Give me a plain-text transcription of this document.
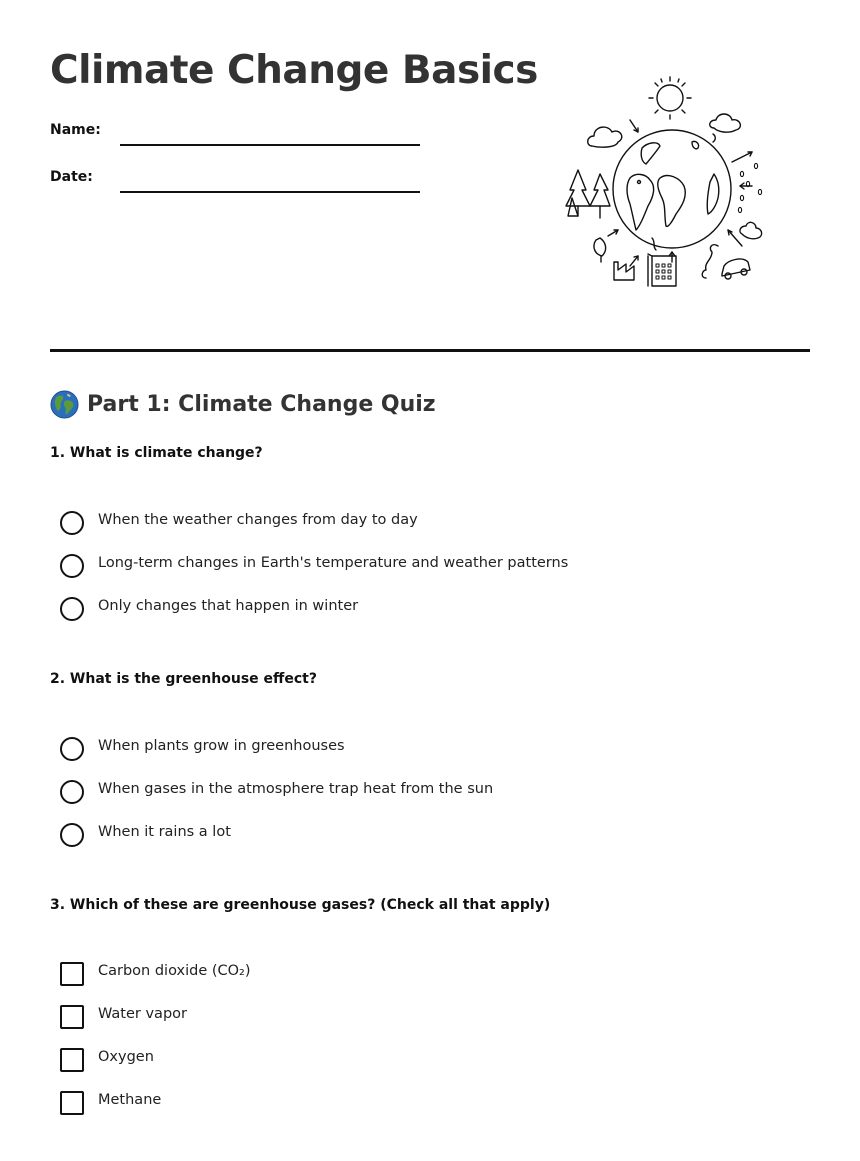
Climate Change Basics
Name:
Date:
Part 1: Climate Change Quiz

1. What is climate change?

When the weather changes from day to day
Long-term changes in Earth's temperature and weather patterns
Only changes that happen in winter

2. What is the greenhouse effect?

When plants grow in greenhouses
When gases in the atmosphere trap heat from the sun
When it rains a lot

3. Which of these are greenhouse gases? (Check all that apply)

Carbon dioxide (CO₂)
Water vapor
Oxygen
Methane
